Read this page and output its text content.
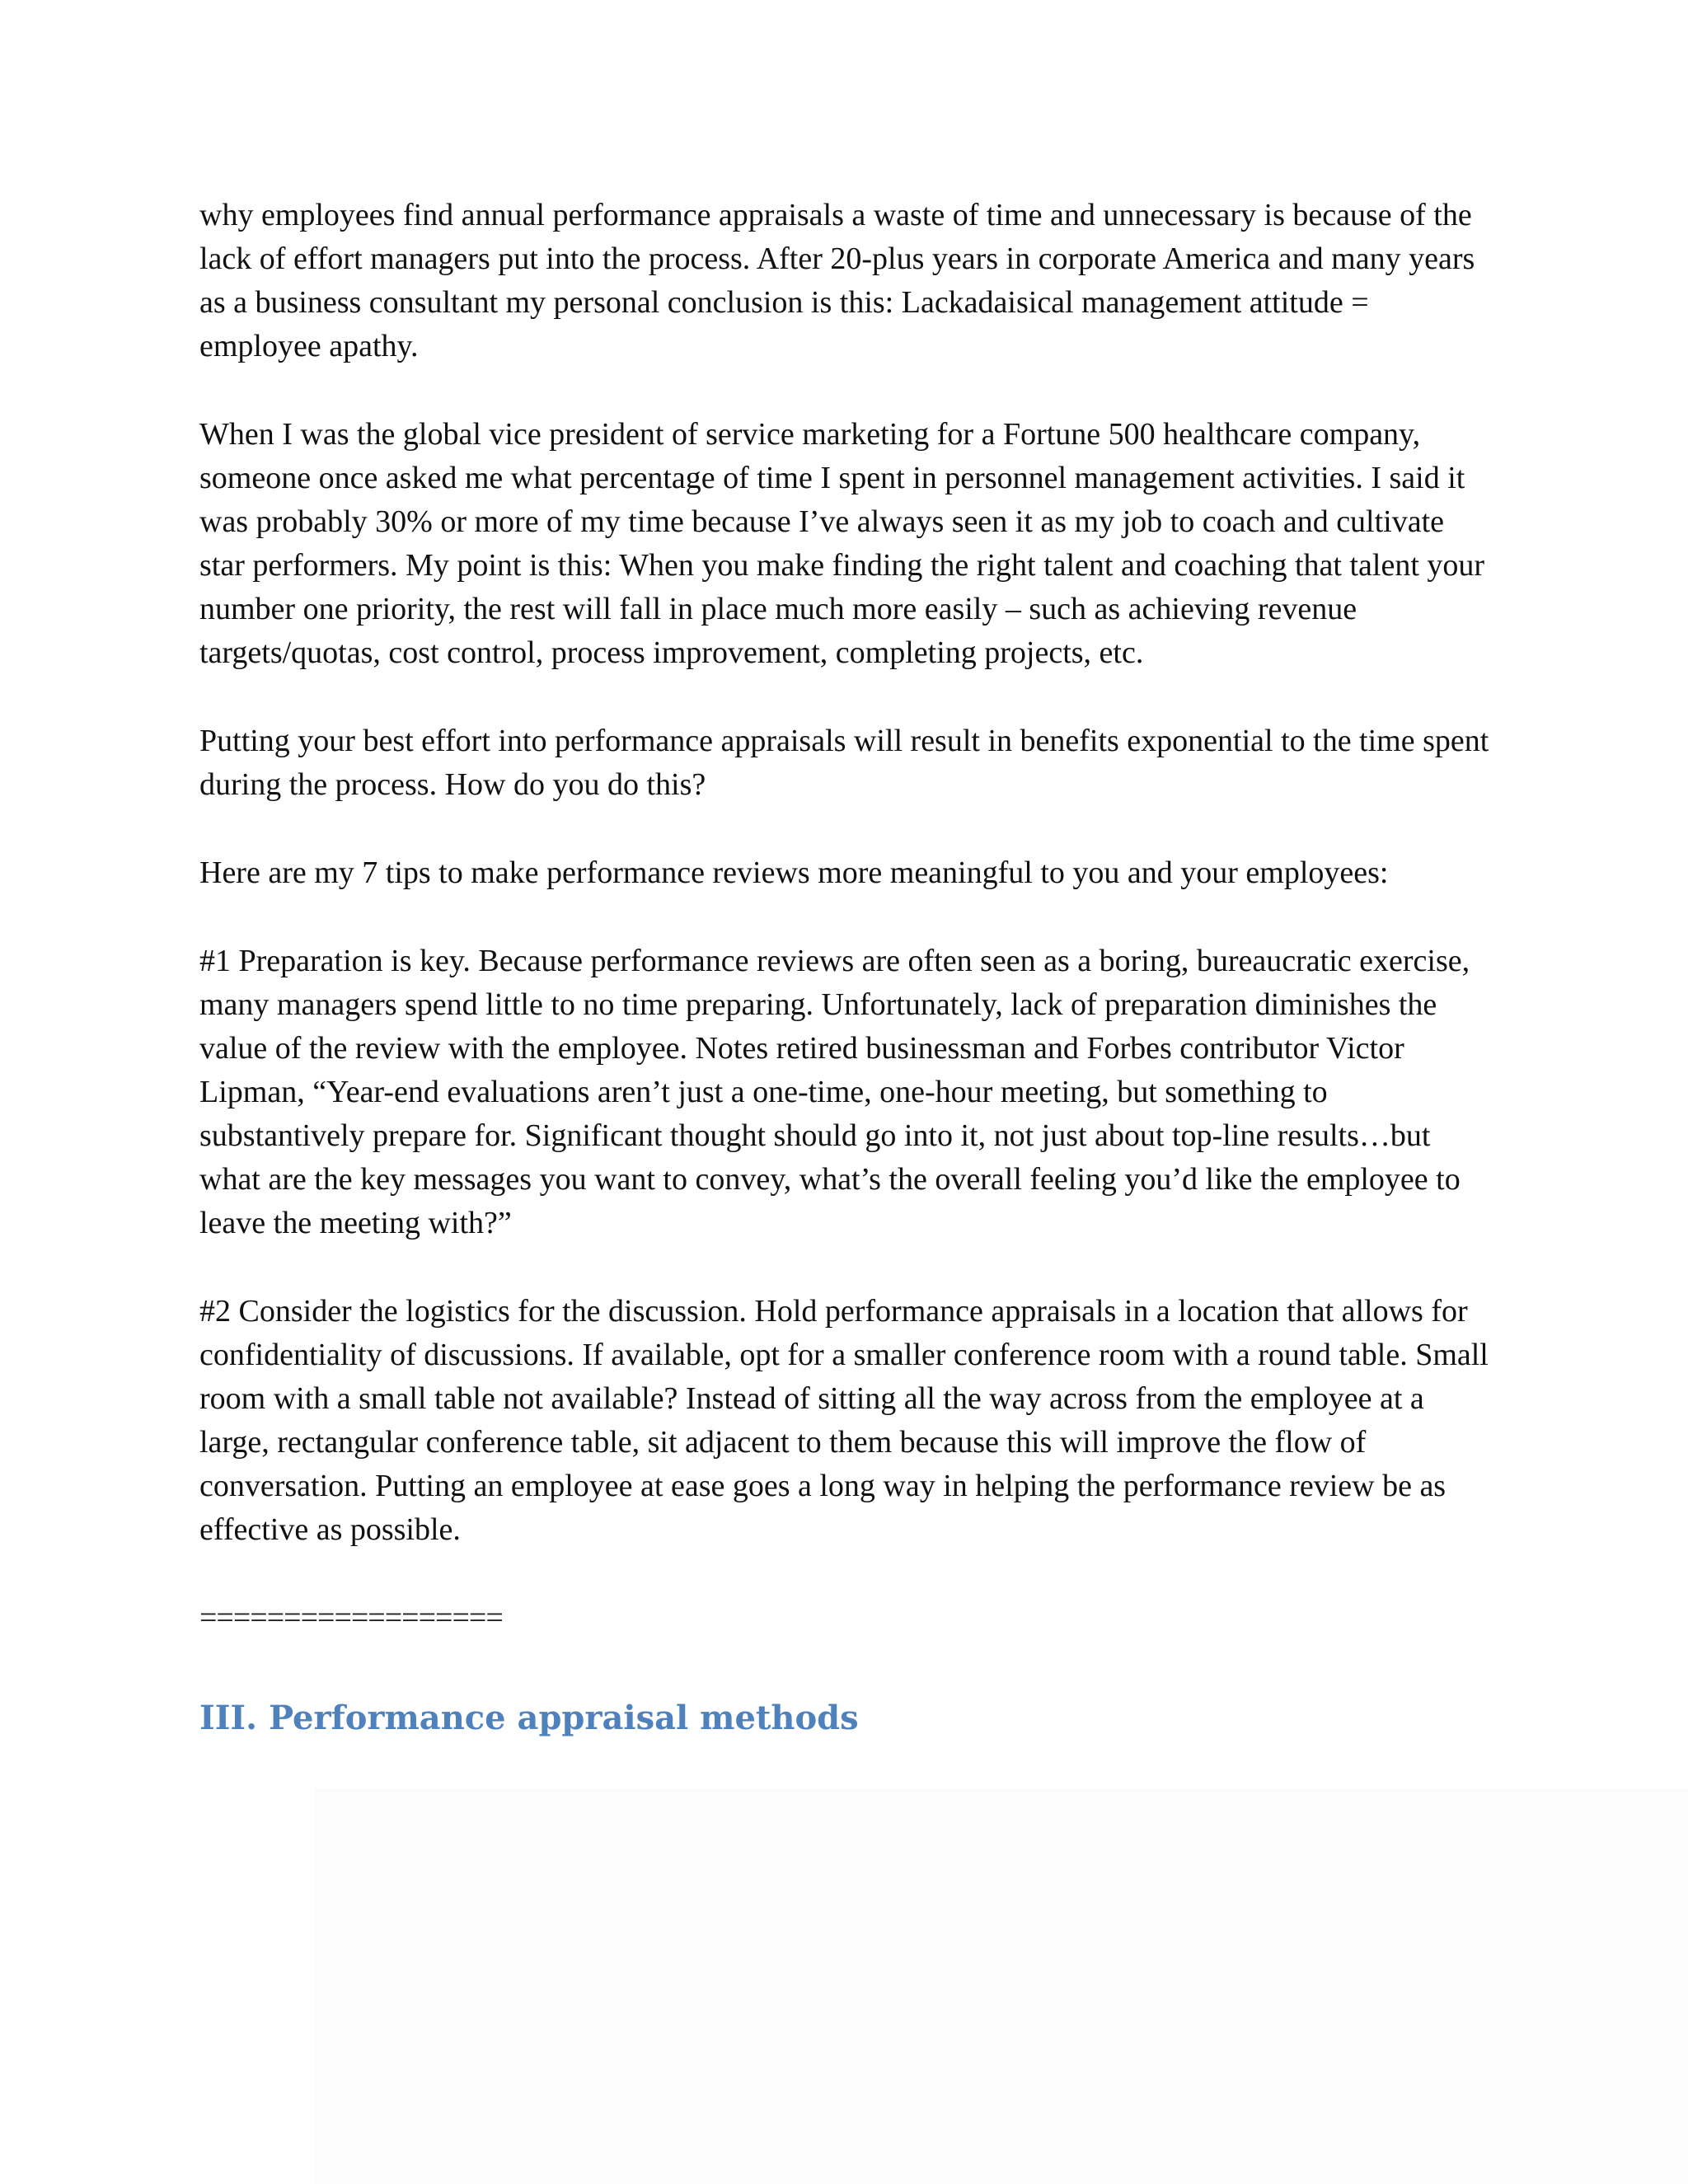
why employees find annual performance appraisals a waste of time and unnecessary is because of the lack of effort managers put into the process. After 20-plus years in corporate America and many years as a business consultant my personal conclusion is this: Lackadaisical management attitude = employee apathy.

When I was the global vice president of service marketing for a Fortune 500 healthcare company, someone once asked me what percentage of time I spent in personnel management activities. I said it was probably 30% or more of my time because I’ve always seen it as my job to coach and cultivate star performers. My point is this: When you make finding the right talent and coaching that talent your number one priority, the rest will fall in place much more easily – such as achieving revenue targets/quotas, cost control, process improvement, completing projects, etc.

Putting your best effort into performance appraisals will result in benefits exponential to the time spent during the process. How do you do this?

Here are my 7 tips to make performance reviews more meaningful to you and your employees:

#1 Preparation is key. Because performance reviews are often seen as a boring, bureaucratic exercise, many managers spend little to no time preparing. Unfortunately, lack of preparation diminishes the value of the review with the employee. Notes retired businessman and Forbes contributor Victor Lipman, “Year-end evaluations aren’t just a one-time, one-hour meeting, but something to substantively prepare for. Significant thought should go into it, not just about top-line results…but what are the key messages you want to convey, what’s the overall feeling you’d like the employee to leave the meeting with?”

#2 Consider the logistics for the discussion. Hold performance appraisals in a location that allows for confidentiality of discussions. If available, opt for a smaller conference room with a round table. Small room with a small table not available? Instead of sitting all the way across from the employee at a large, rectangular conference table, sit adjacent to them because this will improve the flow of conversation. Putting an employee at ease goes a long way in helping the performance review be as effective as possible.

==================
III. Performance appraisal methods
